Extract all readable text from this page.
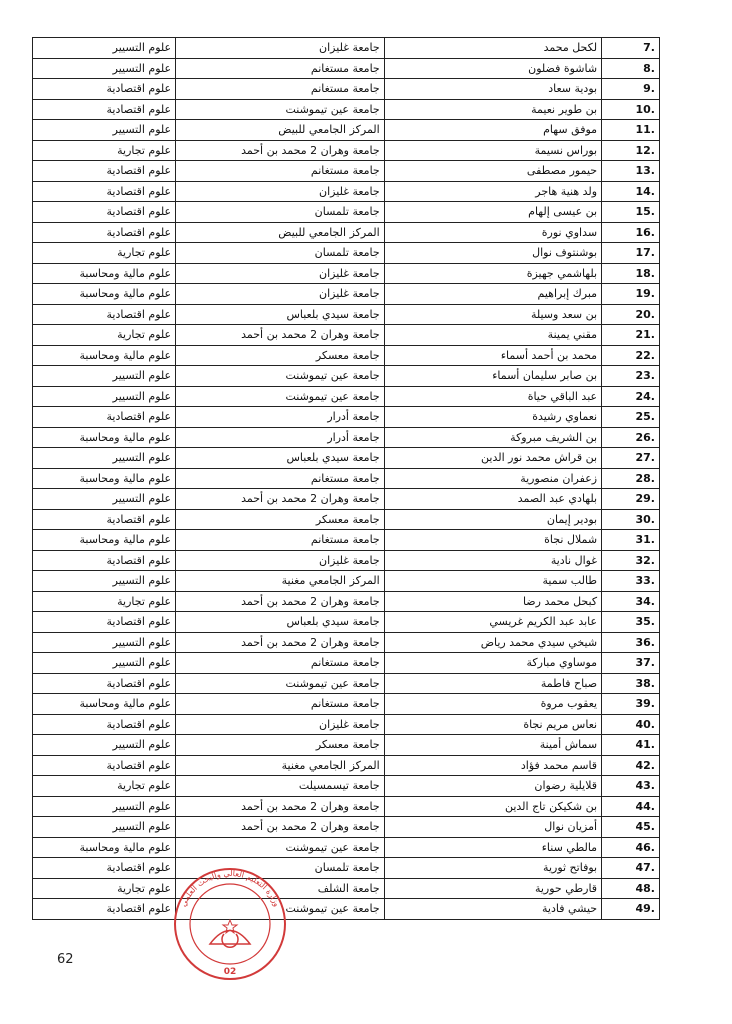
علوم التسيير	جامعة غليزان	لكحل محمد	7.
علوم التسيير	جامعة مستغانم	شاشوة فضلون	8.
علوم اقتصادية	جامعة مستغانم	بودية سعاد	9.
علوم اقتصادية	جامعة عين تيموشنت	بن طوير نعيمة	10.
علوم التسيير	المركز الجامعي للبيض	موفق سهام	11.
علوم تجارية	جامعة وهران 2 محمد بن أحمد	بوراس نسيمة	12.
علوم اقتصادية	جامعة مستغانم	حيمور مصطفى	13.
علوم اقتصادية	جامعة غليزان	ولد هنية هاجر	14.
علوم اقتصادية	جامعة تلمسان	بن عيسى إلهام	15.
علوم اقتصادية	المركز الجامعي للبيض	سداوي نورة	16.
علوم تجارية	جامعة تلمسان	بوشنتوف نوال	17.
علوم مالية ومحاسبة	جامعة غليزان	بلهاشمي جهيزة	18.
علوم مالية ومحاسبة	جامعة غليزان	مبرك إبراهيم	19.
علوم اقتصادية	جامعة سيدي بلعباس	بن سعد وسيلة	20.
علوم تجارية	جامعة وهران 2 محمد بن أحمد	مقني يمينة	21.
علوم مالية ومحاسبة	جامعة معسكر	محمد بن أحمد أسماء	22.
علوم التسيير	جامعة عين تيموشنت	بن صابر سليمان أسماء	23.
علوم التسيير	جامعة عين تيموشنت	عبد الباقي حياة	24.
علوم اقتصادية	جامعة أدرار	نعماوي رشيدة	25.
علوم مالية ومحاسبة	جامعة أدرار	بن الشريف مبروكة	26.
علوم التسيير	جامعة سيدي بلعباس	بن قراش محمد نور الدين	27.
علوم مالية ومحاسبة	جامعة مستغانم	زعفران منصورية	28.
علوم التسيير	جامعة وهران 2 محمد بن أحمد	بلهادي عبد الصمد	29.
علوم اقتصادية	جامعة معسكر	بودير إيمان	30.
علوم مالية ومحاسبة	جامعة مستغانم	شملال نجاة	31.
علوم اقتصادية	جامعة غليزان	غوال نادية	32.
علوم التسيير	المركز الجامعي مغنية	طالب سمية	33.
علوم تجارية	جامعة وهران 2 محمد بن أحمد	كبحل محمد رضا	34.
علوم اقتصادية	جامعة سيدي بلعباس	عابد عبد الكريم غريسي	35.
علوم التسيير	جامعة وهران 2 محمد بن أحمد	شيخي سيدي محمد رياض	36.
علوم التسيير	جامعة مستغانم	موساوي مباركة	37.
علوم اقتصادية	جامعة عين تيموشنت	صباح فاطمة	38.
علوم مالية ومحاسبة	جامعة مستغانم	يعقوب مروة	39.
علوم اقتصادية	جامعة غليزان	نعاس مريم نجاة	40.
علوم التسيير	جامعة معسكر	سماش أمينة	41.
علوم اقتصادية	المركز الجامعي مغنية	قاسم محمد فؤاد	42.
علوم تجارية	جامعة تيسمسيلت	قلايلية رضوان	43.
علوم التسيير	جامعة وهران 2 محمد بن أحمد	بن شكيكن تاج الدين	44.
علوم التسيير	جامعة وهران 2 محمد بن أحمد	أمزيان نوال	45.
علوم مالية ومحاسبة	جامعة عين تيموشنت	مالطي سناء	46.
علوم اقتصادية	جامعة تلمسان	بوفاتح ثورية	47.
علوم تجارية	جامعة الشلف	قارطي حورية	48.
علوم اقتصادية	جامعة عين تيموشنت	حيشي فادية	49.
62
وزارة التعليم العالي والبحث العلمي
02
